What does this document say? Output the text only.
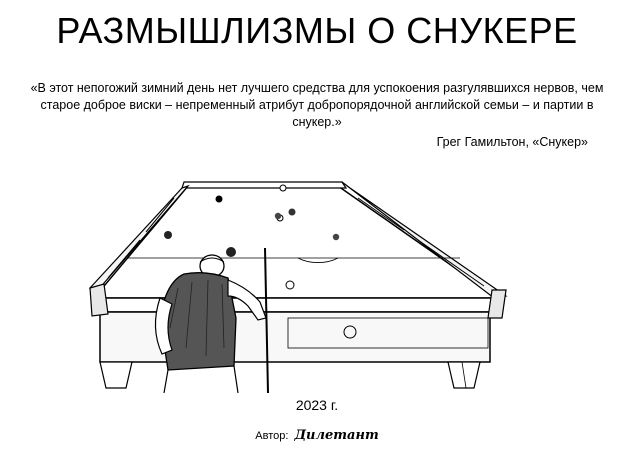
РАЗМЫШЛИЗМЫ О СНУКЕРЕ
«В этот непогожий зимний день нет лучшего средства для успокоения разгулявшихся нервов, чем старое доброе виски – непременный атрибут добропорядочной английской семьи – и партии в снукер.»
Грег Гамильтон, «Снукер»
2023 г.
Автор: Дилетант
